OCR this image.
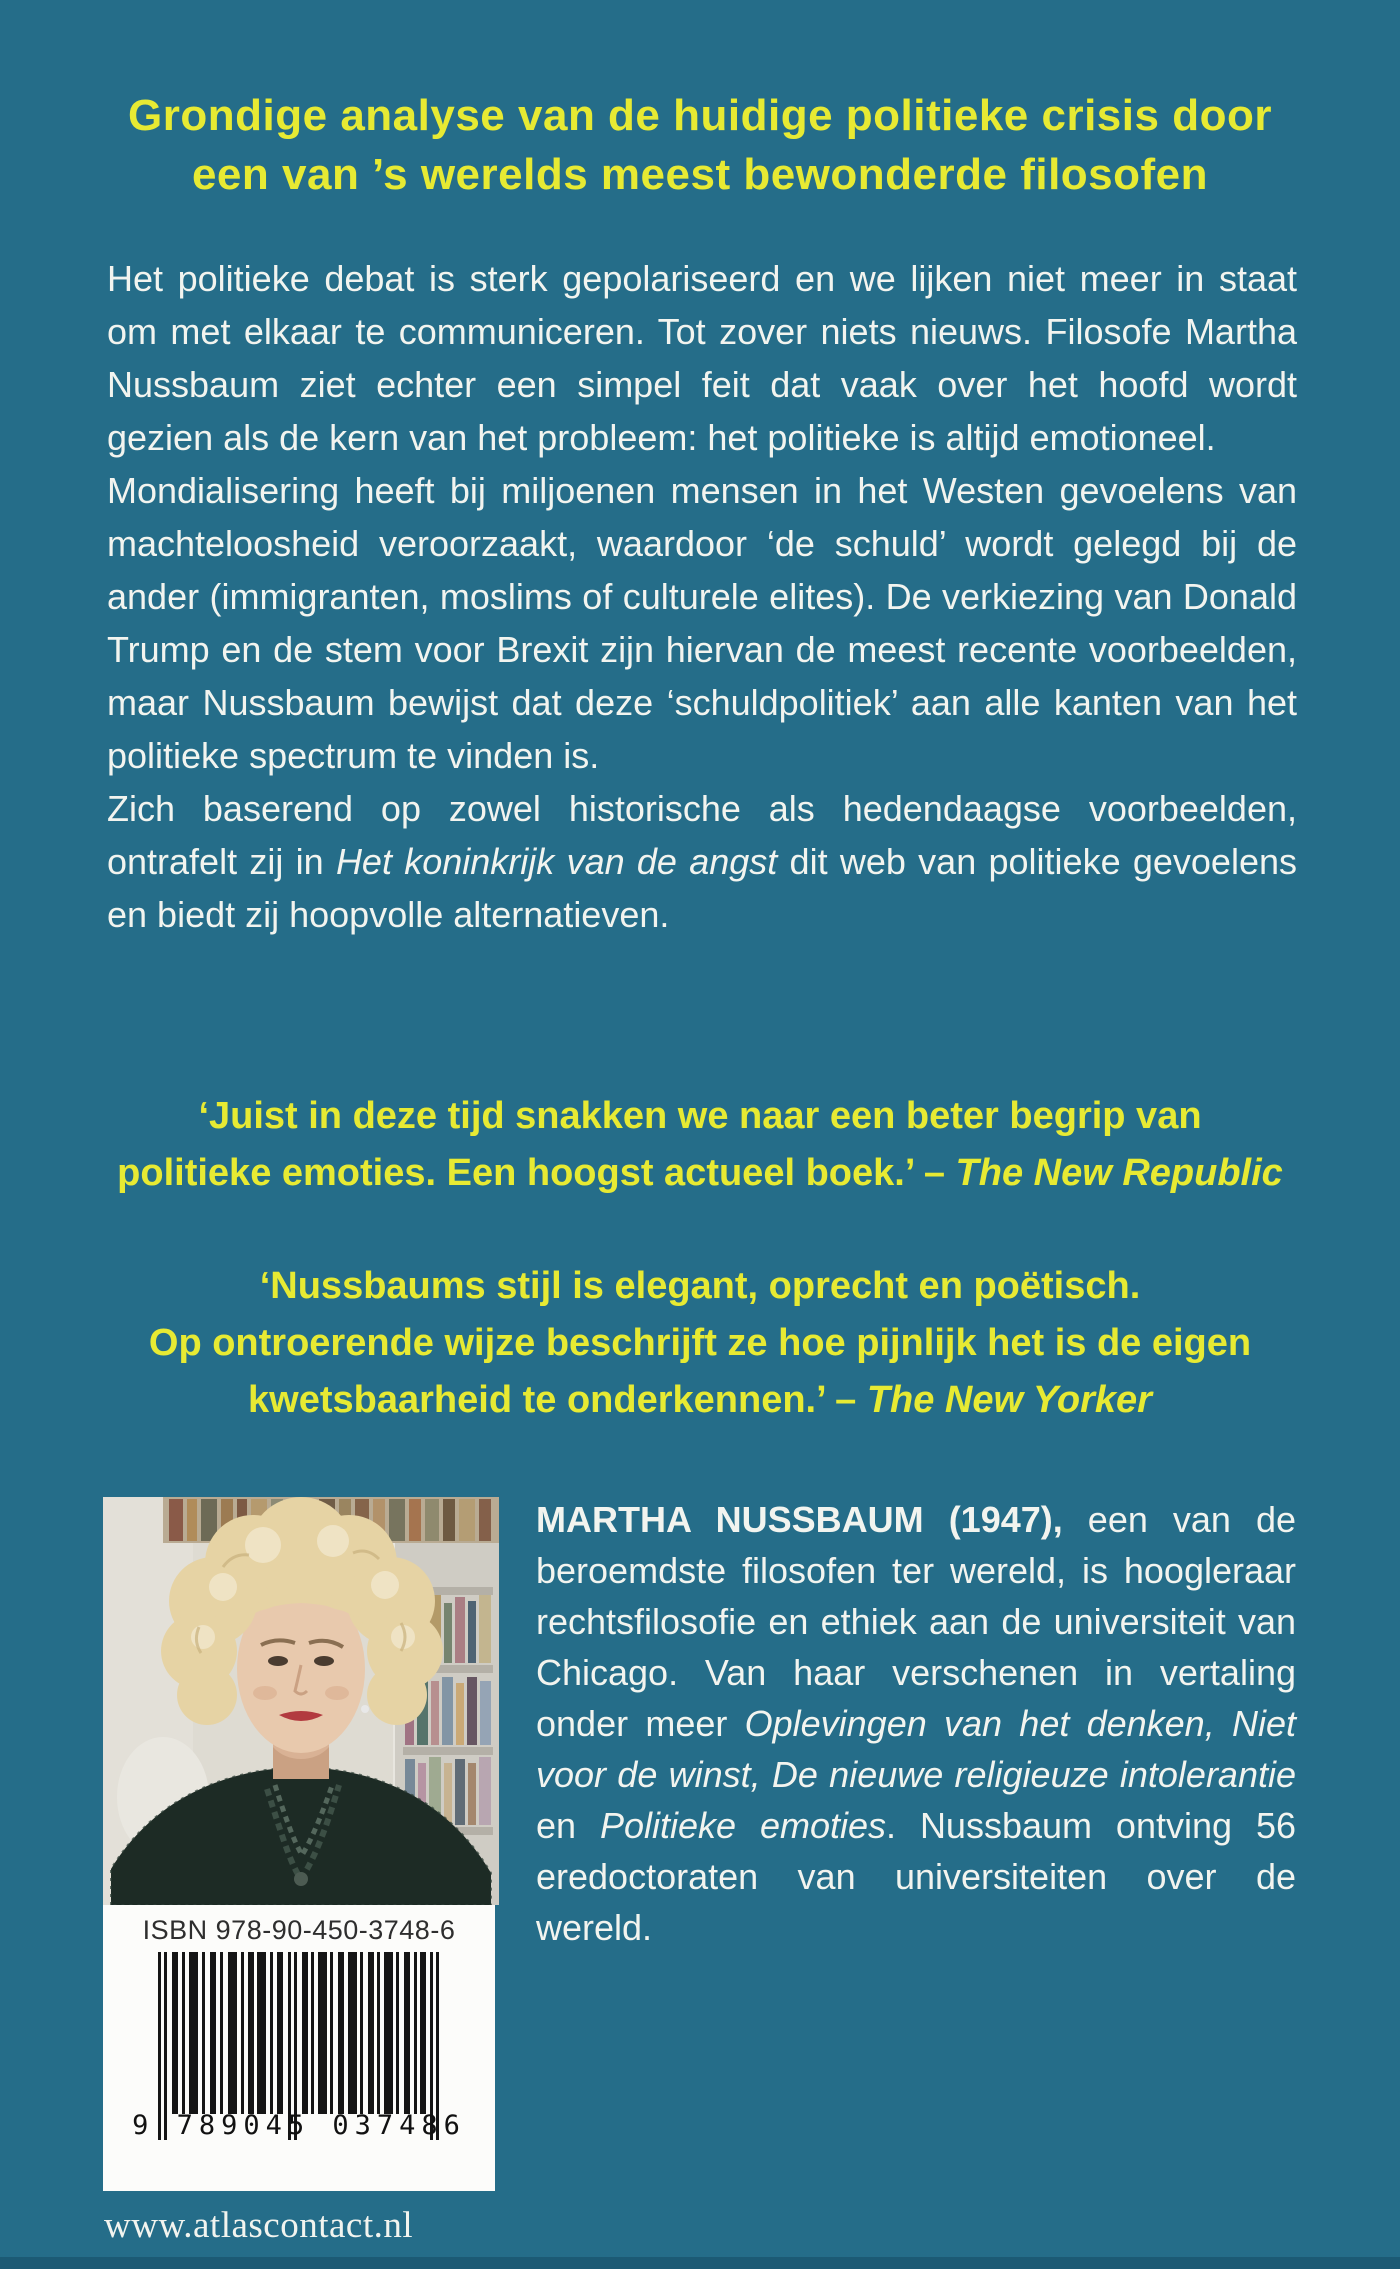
Grondige analyse van de huidige politieke crisis door
een van ’s werelds meest bewonderde filosofen

Het politieke debat is sterk gepolariseerd en we lijken niet meer in staat om met elkaar te communiceren. Tot zover niets nieuws. Filosofe Martha Nussbaum ziet echter een simpel feit dat vaak over het hoofd wordt gezien als de kern van het probleem: het politieke is altijd emotioneel.

Mondialisering heeft bij miljoenen mensen in het Westen gevoelens van machteloosheid veroorzaakt, waardoor ‘de schuld’ wordt gelegd bij de ander (immigranten, moslims of culturele elites). De verkiezing van Donald Trump en de stem voor Brexit zijn hiervan de meest recente voorbeelden, maar Nussbaum bewijst dat deze ‘schuldpolitiek’ aan alle kanten van het politieke spectrum te vinden is.

Zich baserend op zowel historische als hedendaagse voorbeelden, ontrafelt zij in Het koninkrijk van de angst dit web van politieke gevoelens en biedt zij hoopvolle alternatieven.

‘Juist in deze tijd snakken we naar een beter begrip van
politieke emoties. Een hoogst actueel boek.’ – The New Republic
‘Nussbaums stijl is elegant, oprecht en poëtisch.
Op ontroerende wijze beschrijft ze hoe pijnlijk het is de eigen
kwetsbaarheid te onderkennen.’ – The New Yorker
ISBN 978-90-450-3748-6
9 789045 037486
MARTHA NUSSBAUM (1947), een van de beroemdste filosofen ter wereld, is hoogleraar rechtsfilosofie en ethiek aan de universiteit van Chicago. Van haar verschenen in vertaling onder meer Oplevingen van het denken, Niet voor de winst, De nieuwe religieuze intolerantie en Politieke emoties. Nussbaum ontving 56 eredoctoraten van universiteiten over de wereld.
www.atlascontact.nl
